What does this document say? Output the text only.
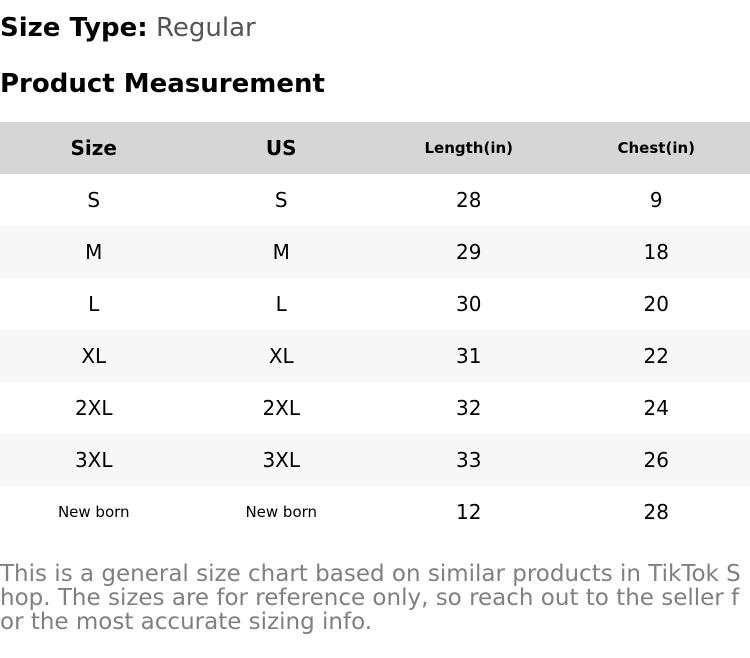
Size Type: Regular
Product Measurement
Size	US	Length(in)	Chest(in)
S	S	28	9
M	M	29	18
L	L	30	20
XL	XL	31	22
2XL	2XL	32	24
3XL	3XL	33	26
New born	New born	12	28
This is a general size chart based on similar products in TikTok Shop. The sizes are for reference only, so reach out to the seller for the most accurate sizing info.
